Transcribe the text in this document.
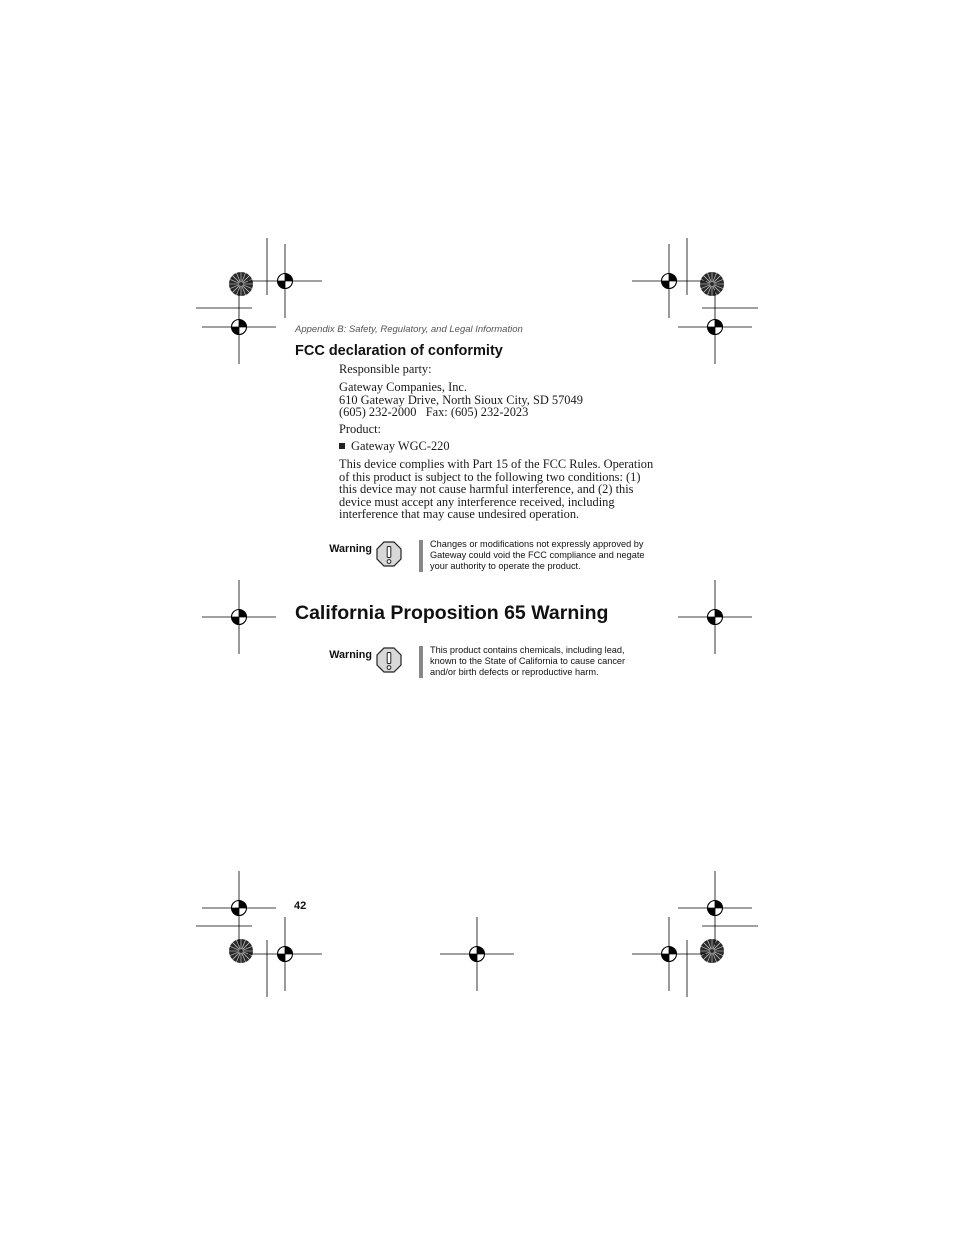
Appendix B: Safety, Regulatory, and Legal Information
FCC declaration of conformity
Responsible party:
Gateway Companies, Inc.
610 Gateway Drive, North Sioux City, SD 57049
(605) 232-2000   Fax: (605) 232-2023
Product:
Gateway WGC-220
This device complies with Part 15 of the FCC Rules. Operation
of this product is subject to the following two conditions: (1)
this device may not cause harmful interference, and (2) this
device must accept any interference received, including
interference that may cause undesired operation.
Warning	Changes or modifications not expressly approved by
Gateway could void the FCC compliance and negate
your authority to operate the product.
California Proposition 65 Warning
Warning	This product contains chemicals, including lead,
known to the State of California to cause cancer
and/or birth defects or reproductive harm.
42
